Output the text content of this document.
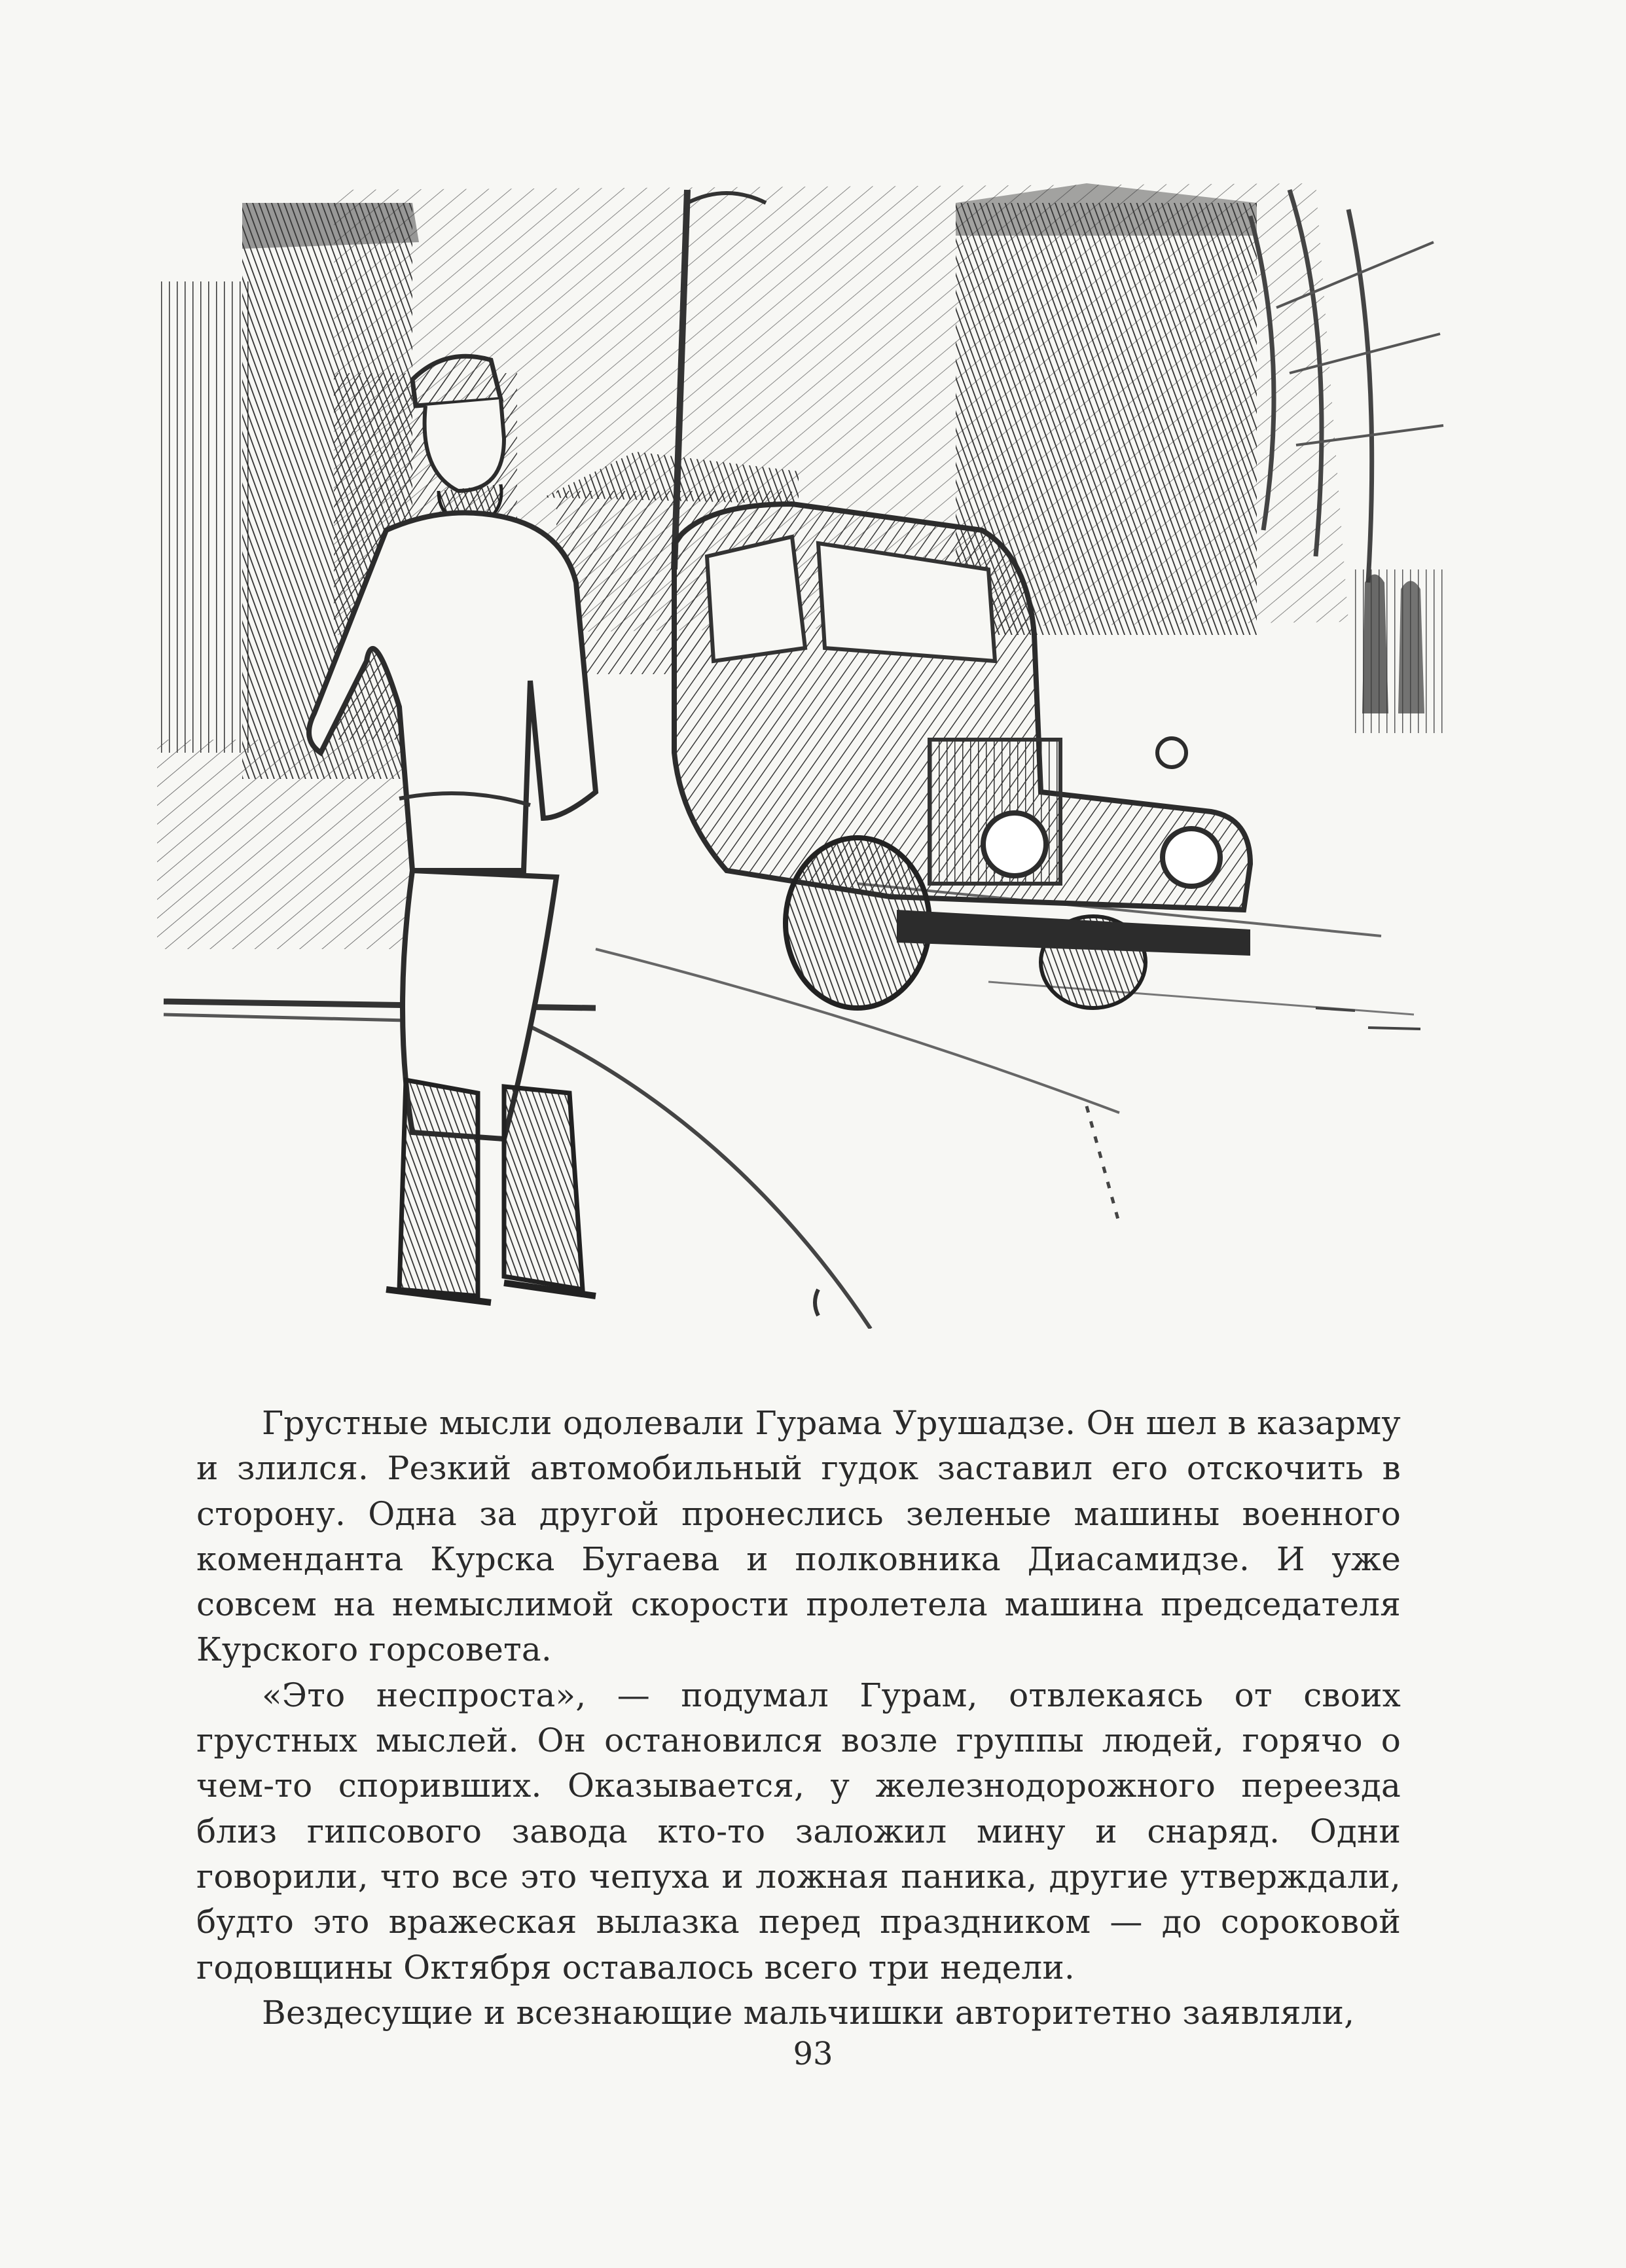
Грустные мысли одолевали Гурама Урушадзе. Он шел в казарму и злился. Резкий автомобильный гудок заставил его отскочить в сторону. Одна за другой пронеслись зеленые машины военного коменданта Курска Бугаева и полковника Диасамидзе. И уже совсем на немыслимой скорости пролетела машина председателя Курского горсовета.

«Это неспроста», — подумал Гурам, отвлекаясь от своих грустных мыслей. Он остановился возле группы людей, горячо о чем-то споривших. Оказывается, у железнодорожного переезда близ гипсового завода кто-то заложил мину и снаряд. Одни говорили, что все это чепуха и ложная паника, другие утверждали, будто это вражеская вылазка перед праздником — до сороковой годовщины Октября оставалось всего три недели.

Вездесущие и всезнающие мальчишки авторитетно заявляли,

93
